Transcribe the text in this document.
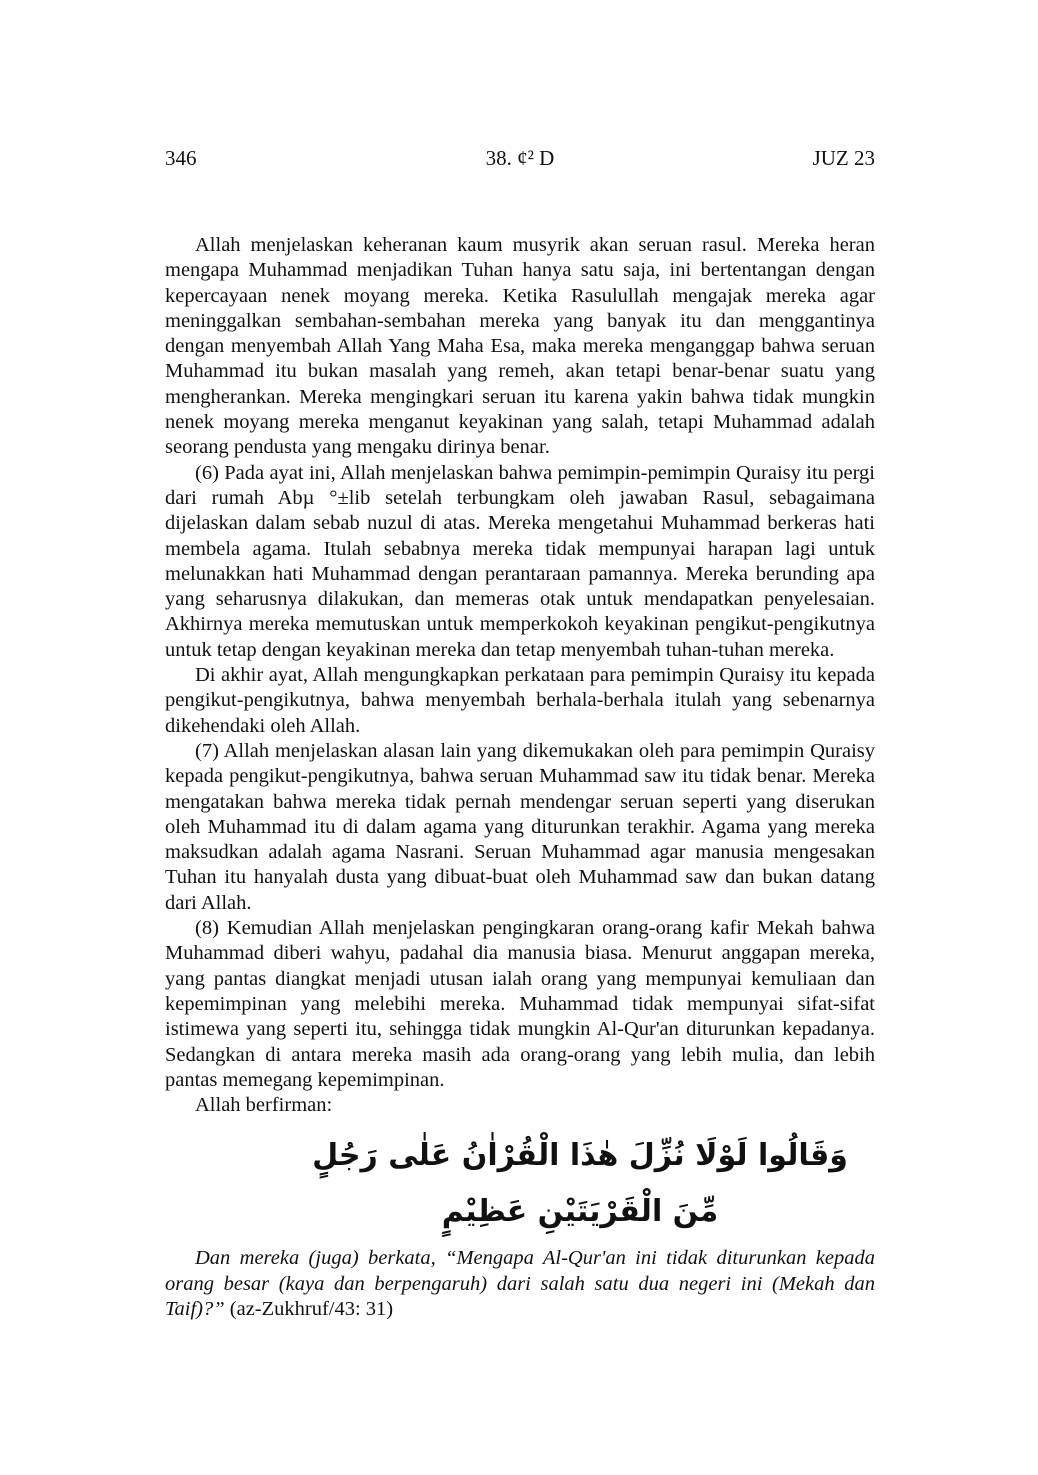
346	38. ¢² D	JUZ 23

Allah menjelaskan keheranan kaum musyrik akan seruan rasul. Mereka heran mengapa Muhammad menjadikan Tuhan hanya satu saja, ini bertentangan dengan kepercayaan nenek moyang mereka. Ketika Rasulullah mengajak mereka agar meninggalkan sembahan-sembahan mereka yang banyak itu dan menggantinya dengan menyembah Allah Yang Maha Esa, maka mereka menganggap bahwa seruan Muhammad itu bukan masalah yang remeh, akan tetapi benar-benar suatu yang mengherankan. Mereka mengingkari seruan itu karena yakin bahwa tidak mungkin nenek moyang mereka menganut keyakinan yang salah, tetapi Muhammad adalah seorang pendusta yang mengaku dirinya benar.

(6) Pada ayat ini, Allah menjelaskan bahwa pemimpin-pemimpin Quraisy itu pergi dari rumah Abµ °±lib setelah terbungkam oleh jawaban Rasul, sebagaimana dijelaskan dalam sebab nuzul di atas. Mereka mengetahui Muhammad berkeras hati membela agama. Itulah sebabnya mereka tidak mempunyai harapan lagi untuk melunakkan hati Muhammad dengan perantaraan pamannya. Mereka berunding apa yang seharusnya dilakukan, dan memeras otak untuk mendapatkan penyelesaian. Akhirnya mereka memutuskan untuk memperkokoh keyakinan pengikut-pengikutnya untuk tetap dengan keyakinan mereka dan tetap menyembah tuhan-tuhan mereka.

Di akhir ayat, Allah mengungkapkan perkataan para pemimpin Quraisy itu kepada pengikut-pengikutnya, bahwa menyembah berhala-berhala itulah yang sebenarnya dikehendaki oleh Allah.

(7) Allah menjelaskan alasan lain yang dikemukakan oleh para pemimpin Quraisy kepada pengikut-pengikutnya, bahwa seruan Muhammad saw itu tidak benar. Mereka mengatakan bahwa mereka tidak pernah mendengar seruan seperti yang diserukan oleh Muhammad itu di dalam agama yang diturunkan terakhir. Agama yang mereka maksudkan adalah agama Nasrani. Seruan Muhammad agar manusia mengesakan Tuhan itu hanyalah dusta yang dibuat-buat oleh Muhammad saw dan bukan datang dari Allah.

(8) Kemudian Allah menjelaskan pengingkaran orang-orang kafir Mekah bahwa Muhammad diberi wahyu, padahal dia manusia biasa. Menurut anggapan mereka, yang pantas diangkat menjadi utusan ialah orang yang mempunyai kemuliaan dan kepemimpinan yang melebihi mereka. Muhammad tidak mempunyai sifat-sifat istimewa yang seperti itu, sehingga tidak mungkin Al-Qur'an diturunkan kepadanya. Sedangkan di antara mereka masih ada orang-orang yang lebih mulia, dan lebih pantas memegang kepemimpinan.

Allah berfirman:

وَقَالُوا لَوْلَا نُزِّلَ هٰذَا الْقُرْاٰنُ عَلٰى رَجُلٍ مِّنَ الْقَرْيَتَيْنِ عَظِيْمٍ

Dan mereka (juga) berkata, “Mengapa Al-Qur'an ini tidak diturunkan kepada orang besar (kaya dan berpengaruh) dari salah satu dua negeri ini (Mekah dan Taif)?” (az-Zukhruf/43: 31)
